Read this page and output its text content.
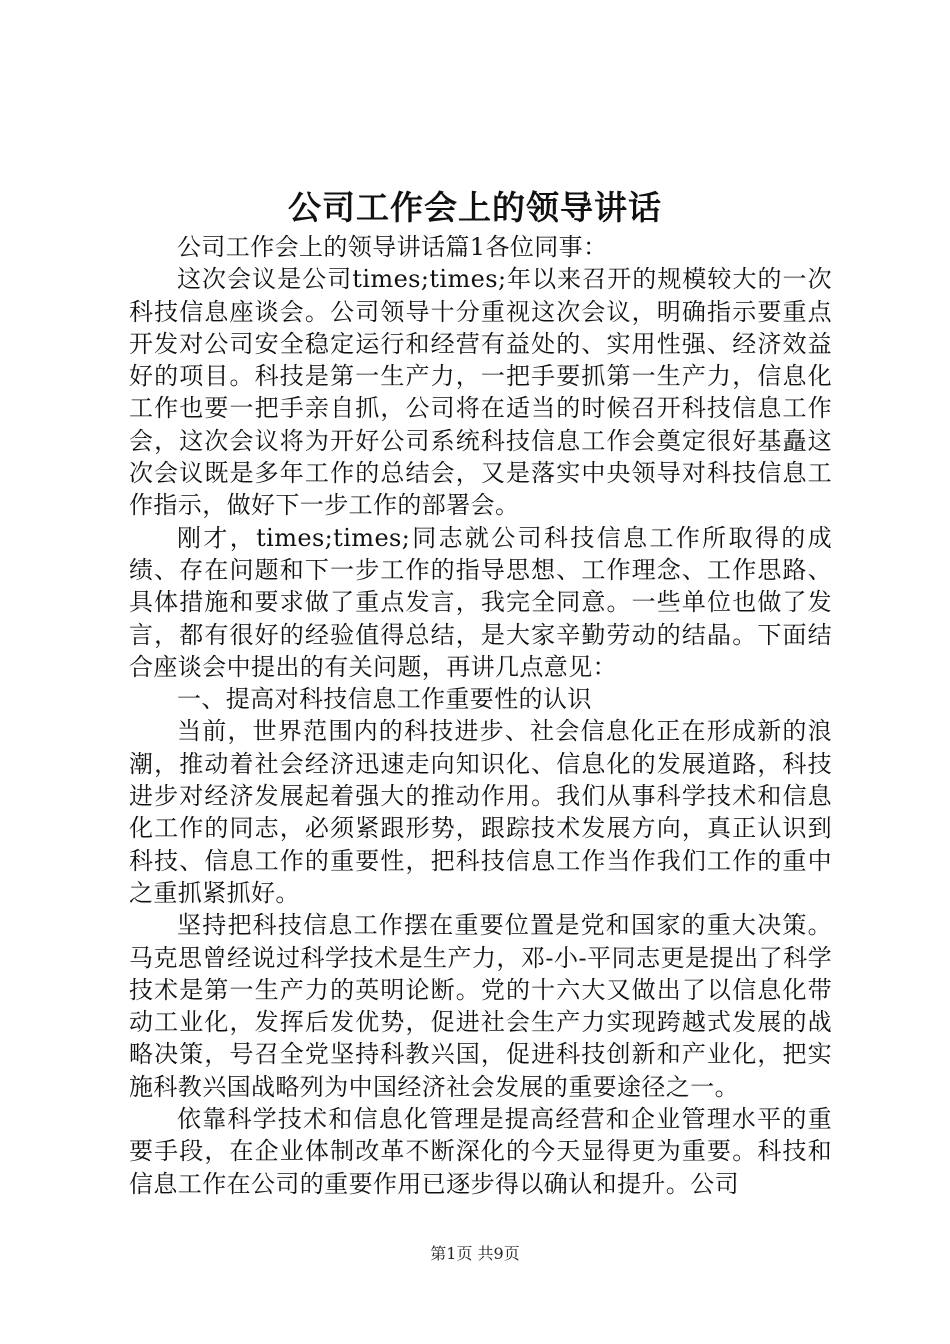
公司工作会上的领导讲话

公司工作会上的领导讲话篇1各位同事：

这次会议是公司times;times;年以来召开的规模较大的一次科技信息座谈会。公司领导十分重视这次会议，明确指示要重点开发对公司安全稳定运行和经营有益处的、实用性强、经济效益好的项目。科技是第一生产力，一把手要抓第一生产力，信息化工作也要一把手亲自抓，公司将在适当的时候召开科技信息工作会，这次会议将为开好公司系统科技信息工作会奠定很好基矗这次会议既是多年工作的总结会，又是落实中央领导对科技信息工作指示，做好下一步工作的部署会。

刚才，times;times;同志就公司科技信息工作所取得的成绩、存在问题和下一步工作的指导思想、工作理念、工作思路、具体措施和要求做了重点发言，我完全同意。一些单位也做了发言，都有很好的经验值得总结，是大家辛勤劳动的结晶。下面结合座谈会中提出的有关问题，再讲几点意见：

一、提高对科技信息工作重要性的认识

当前，世界范围内的科技进步、社会信息化正在形成新的浪潮，推动着社会经济迅速走向知识化、信息化的发展道路，科技进步对经济发展起着强大的推动作用。我们从事科学技术和信息化工作的同志，必须紧跟形势，跟踪技术发展方向，真正认识到科技、信息工作的重要性，把科技信息工作当作我们工作的重中之重抓紧抓好。

坚持把科技信息工作摆在重要位置是党和国家的重大决策。马克思曾经说过科学技术是生产力，邓-小-平同志更是提出了科学技术是第一生产力的英明论断。党的十六大又做出了以信息化带动工业化，发挥后发优势，促进社会生产力实现跨越式发展的战略决策，号召全党坚持科教兴国，促进科技创新和产业化，把实施科教兴国战略列为中国经济社会发展的重要途径之一。

依靠科学技术和信息化管理是提高经营和企业管理水平的重要手段，在企业体制改革不断深化的今天显得更为重要。科技和信息工作在公司的重要作用已逐步得以确认和提升。公司

第1页 共9页
